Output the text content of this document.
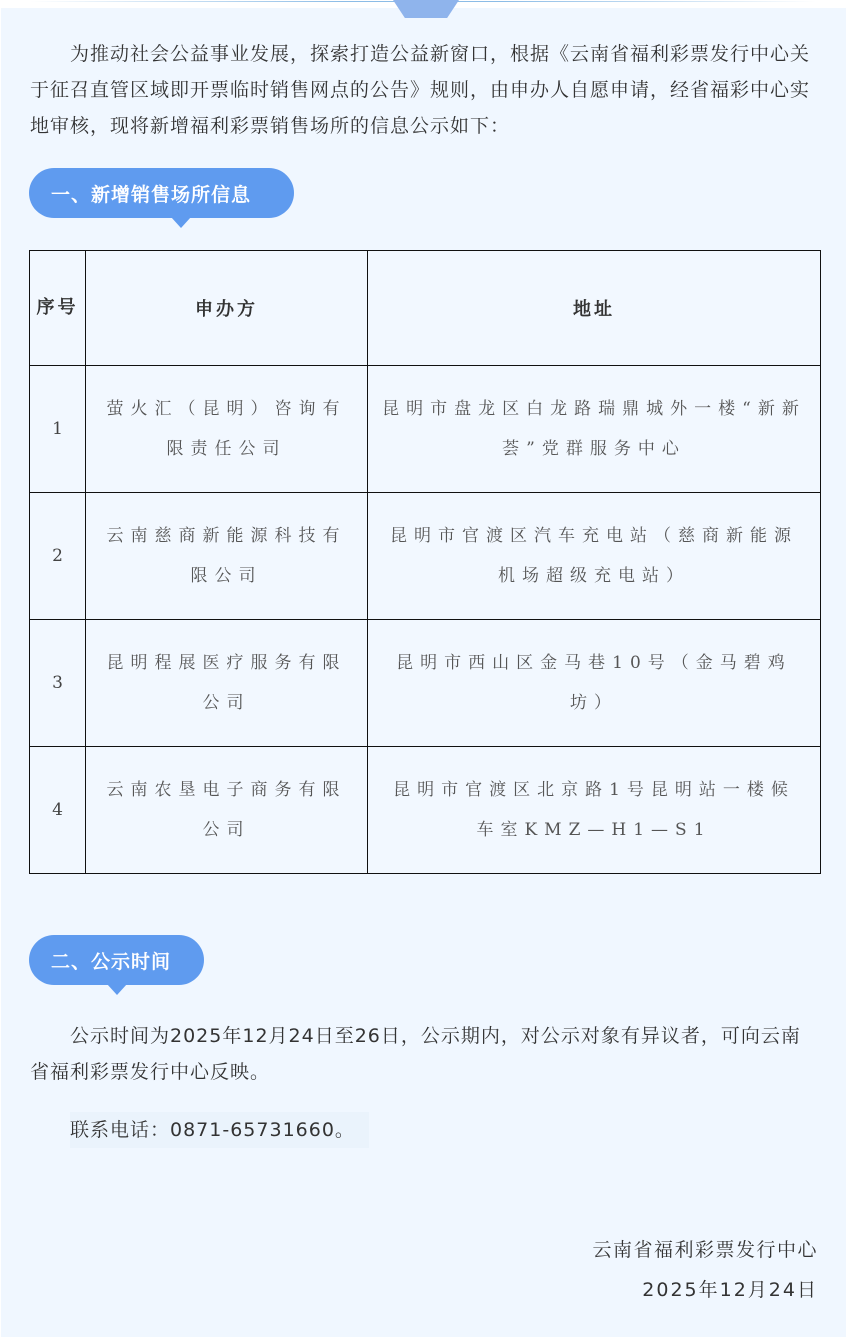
为推动社会公益事业发展，探索打造公益新窗口，根据《云南省福利彩票发行中心关于征召直管区域即开票临时销售网点的公告》规则，由申办人自愿申请，经省福彩中心实地审核，现将新增福利彩票销售场所的信息公示如下：

一、新增销售场所信息
序号	申办方	地址
1	萤火汇（昆明）咨询有限责任公司	昆明市盘龙区白龙路瑞鼎城外一楼“新新荟”党群服务中心
2	云南慈商新能源科技有限公司	昆明市官渡区汽车充电站（慈商新能源机场超级充电站）
3	昆明程展医疗服务有限公司	昆明市西山区金马巷10号（金马碧鸡坊）
4	云南农垦电子商务有限公司	昆明市官渡区北京路1号昆明站一楼候车室KMZ—H1—S1
二、公示时间

公示时间为2025年12月24日至26日，公示期内，对公示对象有异议者，可向云南省福利彩票发行中心反映。

联系电话：0871-65731660。
云南省福利彩票发行中心
2025年12月24日
